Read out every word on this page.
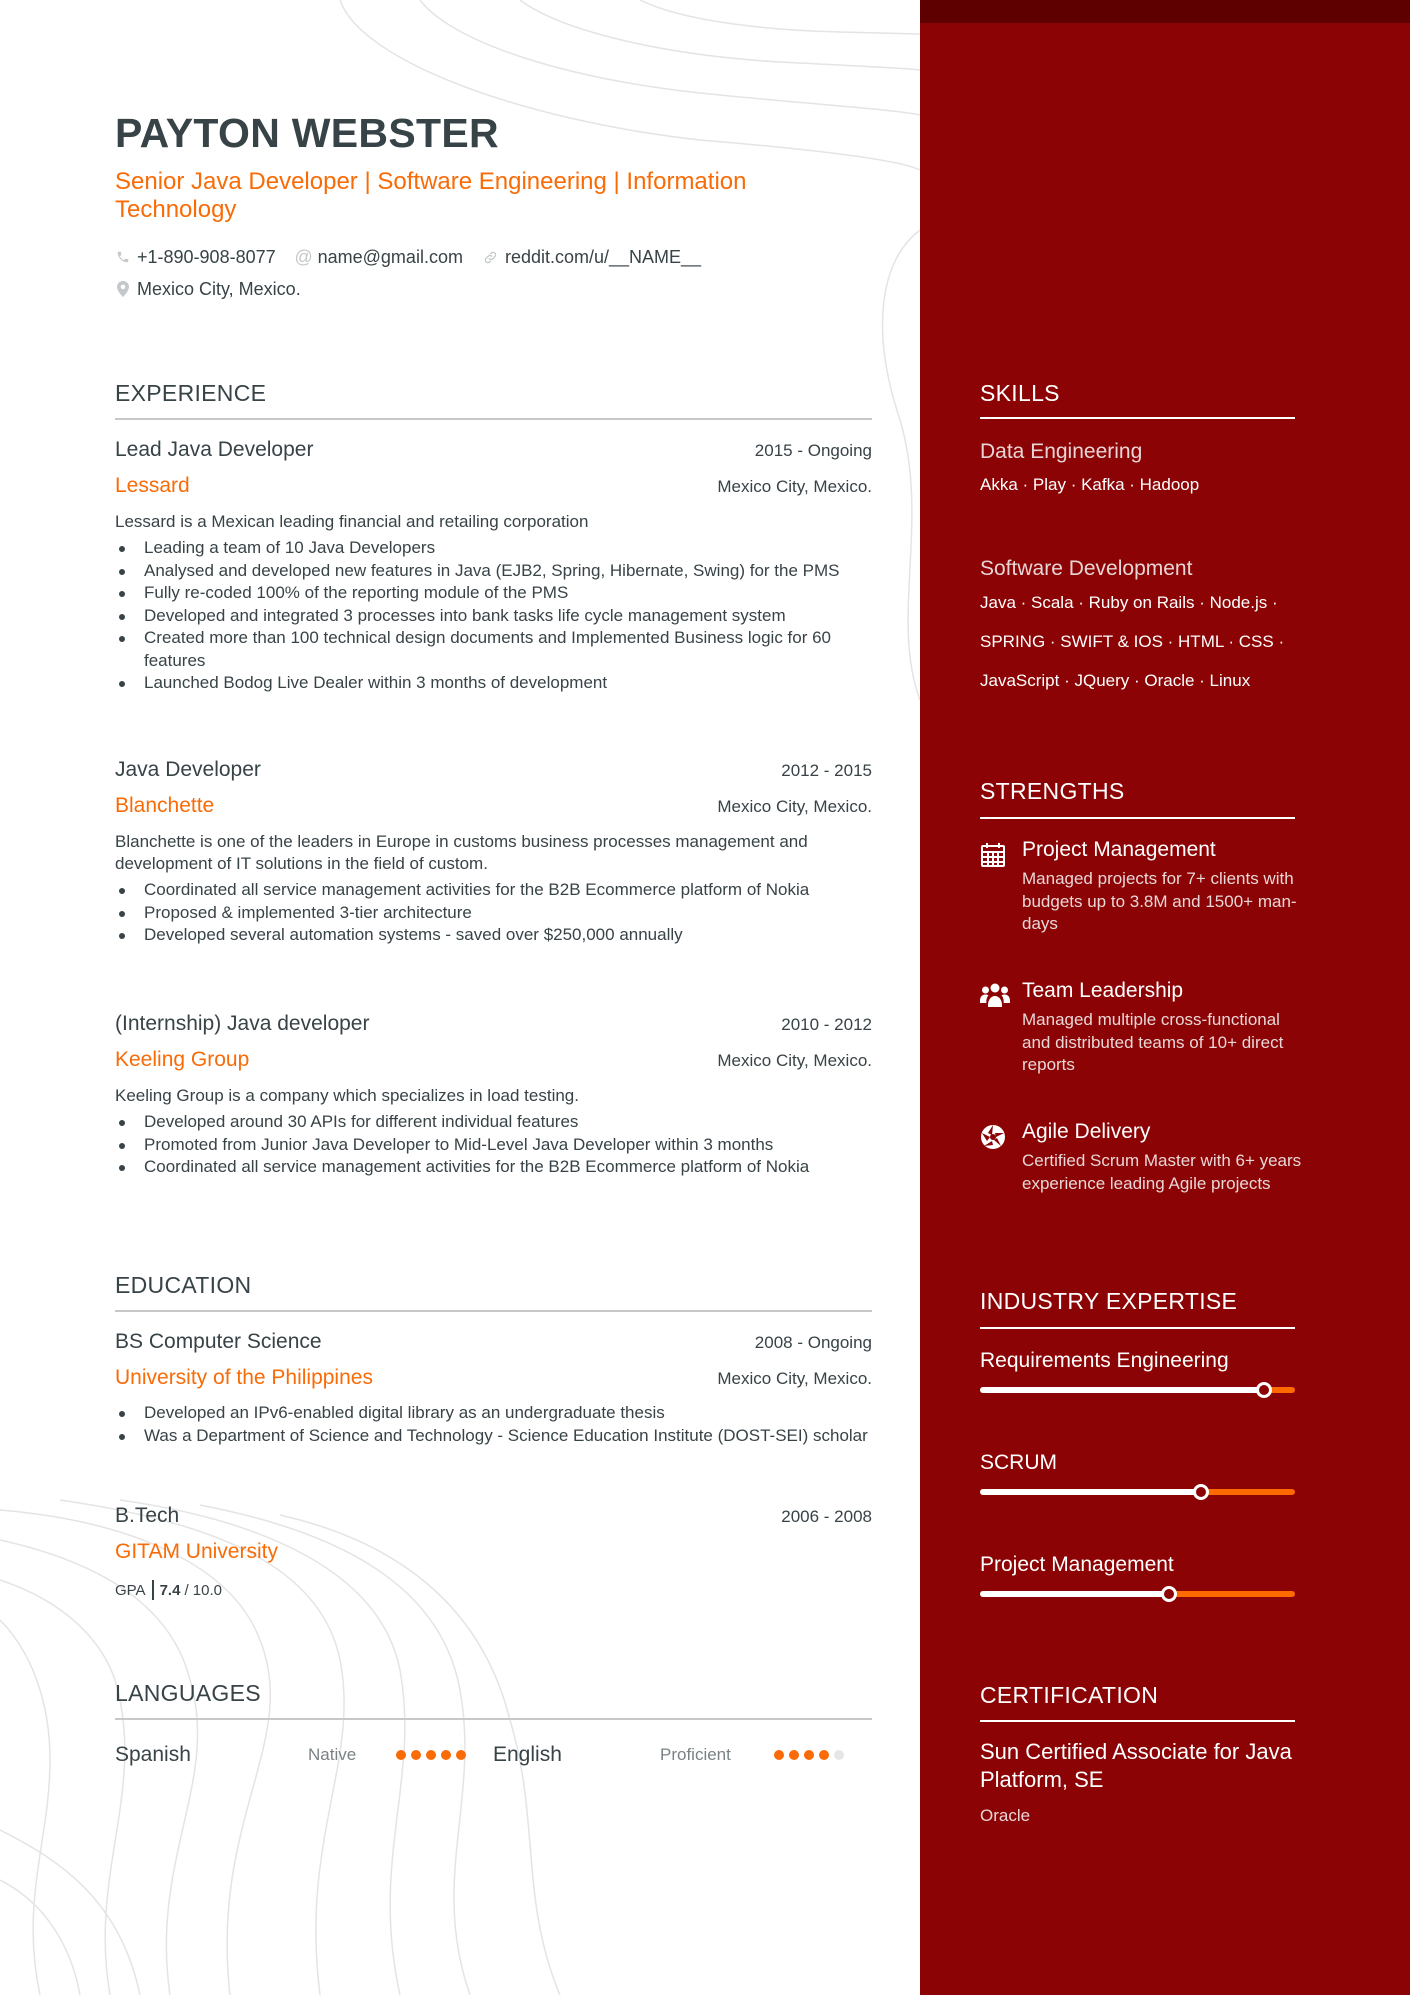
PAYTON WEBSTER
Senior Java Developer | Software Engineering | Information Technology
+1-890-908-8077 @ name@gmail.com reddit.com/u/__NAME__
Mexico City, Mexico.
EXPERIENCE
Lead Java Developer	2015 - Ongoing
Lessard	Mexico City, Mexico.
Lessard is a Mexican leading financial and retailing corporation
Leading a team of 10 Java Developers
Analysed and developed new features in Java (EJB2, Spring, Hibernate, Swing) for the PMS
Fully re-coded 100% of the reporting module of the PMS
Developed and integrated 3 processes into bank tasks life cycle management system
Created more than 100 technical design documents and Implemented Business logic for 60 features
Launched Bodog Live Dealer within 3 months of development
Java Developer	2012 - 2015
Blanchette	Mexico City, Mexico.
Blanchette is one of the leaders in Europe in customs business processes management and development of IT solutions in the field of custom.
Coordinated all service management activities for the B2B Ecommerce platform of Nokia
Proposed & implemented 3-tier architecture
Developed several automation systems - saved over $250,000 annually
(Internship) Java developer	2010 - 2012
Keeling Group	Mexico City, Mexico.
Keeling Group is a company which specializes in load testing.
Developed around 30 APIs for different individual features
Promoted from Junior Java Developer to Mid-Level Java Developer within 3 months
Coordinated all service management activities for the B2B Ecommerce platform of Nokia
EDUCATION
BS Computer Science	2008 - Ongoing
University of the Philippines	Mexico City, Mexico.
Developed an IPv6-enabled digital library as an undergraduate thesis
Was a Department of Science and Technology - Science Education Institute (DOST-SEI) scholar
B.Tech	2006 - 2008
GITAM University
GPA 7.4 / 10.0
LANGUAGES
Spanish	Native	English	Proficient
SKILLS
Data Engineering
Akka · Play · Kafka · Hadoop
Software Development
Java · Scala · Ruby on Rails · Node.js ·
SPRING · SWIFT & IOS · HTML · CSS ·
JavaScript · JQuery · Oracle · Linux
STRENGTHS
Project Management
Managed projects for 7+ clients with budgets up to 3.8M and 1500+ man-days
Team Leadership
Managed multiple cross-functional and distributed teams of 10+ direct reports
Agile Delivery
Certified Scrum Master with 6+ years experience leading Agile projects
INDUSTRY EXPERTISE
Requirements Engineering
SCRUM
Project Management
CERTIFICATION
Sun Certified Associate for Java Platform, SE
Oracle
